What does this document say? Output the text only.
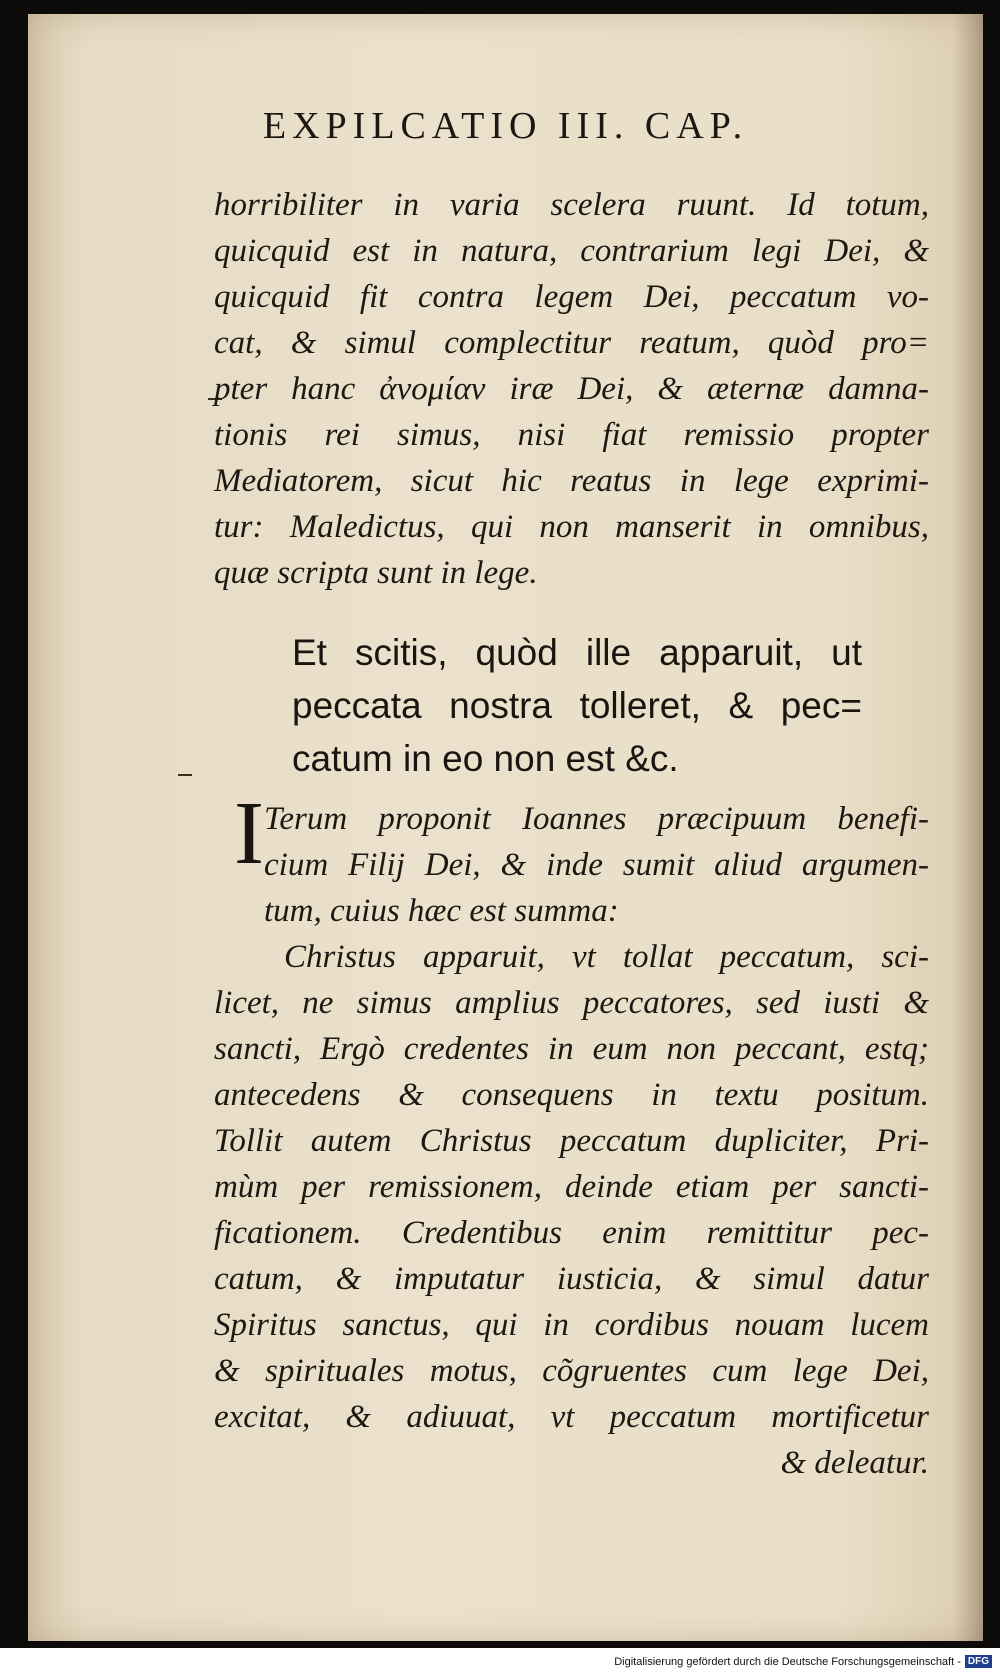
EXPILCATIO III. CAP.
horribiliter in varia scelera ruunt. Id totum,
quicquid est in natura, contrarium legi Dei, &
quicquid fit contra legem Dei, peccatum vo-
cat, & simul complectitur reatum, quòd pro=
pter hanc ἀνομίαν iræ Dei, & æternæ damna-
tionis rei simus, nisi fiat remissio propter
Mediatorem, sicut hic reatus in lege exprimi-
tur: Maledictus, qui non manserit in omnibus,
quæ scripta sunt in lege.
Et scitis, quòd ille apparuit, ut
peccata nostra tolleret, & pec=
catum in eo non est &c.
I Terum proponit Ioannes præcipuum benefi-
cium Filij Dei, & inde sumit aliud argumen-
tum, cuius hæc est summa:
Christus apparuit, vt tollat peccatum, sci-
licet, ne simus amplius peccatores, sed iusti &
sancti, Ergò credentes in eum non peccant, estq;
antecedens & consequens in textu positum.
Tollit autem Christus peccatum dupliciter, Pri-
mùm per remissionem, deinde etiam per sancti-
ficationem. Credentibus enim remittitur pec-
catum, & imputatur iusticia, & simul datur
Spiritus sanctus, qui in cordibus nouam lucem
& spirituales motus, cõgruentes cum lege Dei,
excitat, & adiuuat, vt peccatum mortificetur
& deleatur.
Digitalisierung gefördert durch die Deutsche Forschungsgemeinschaft - DFG
